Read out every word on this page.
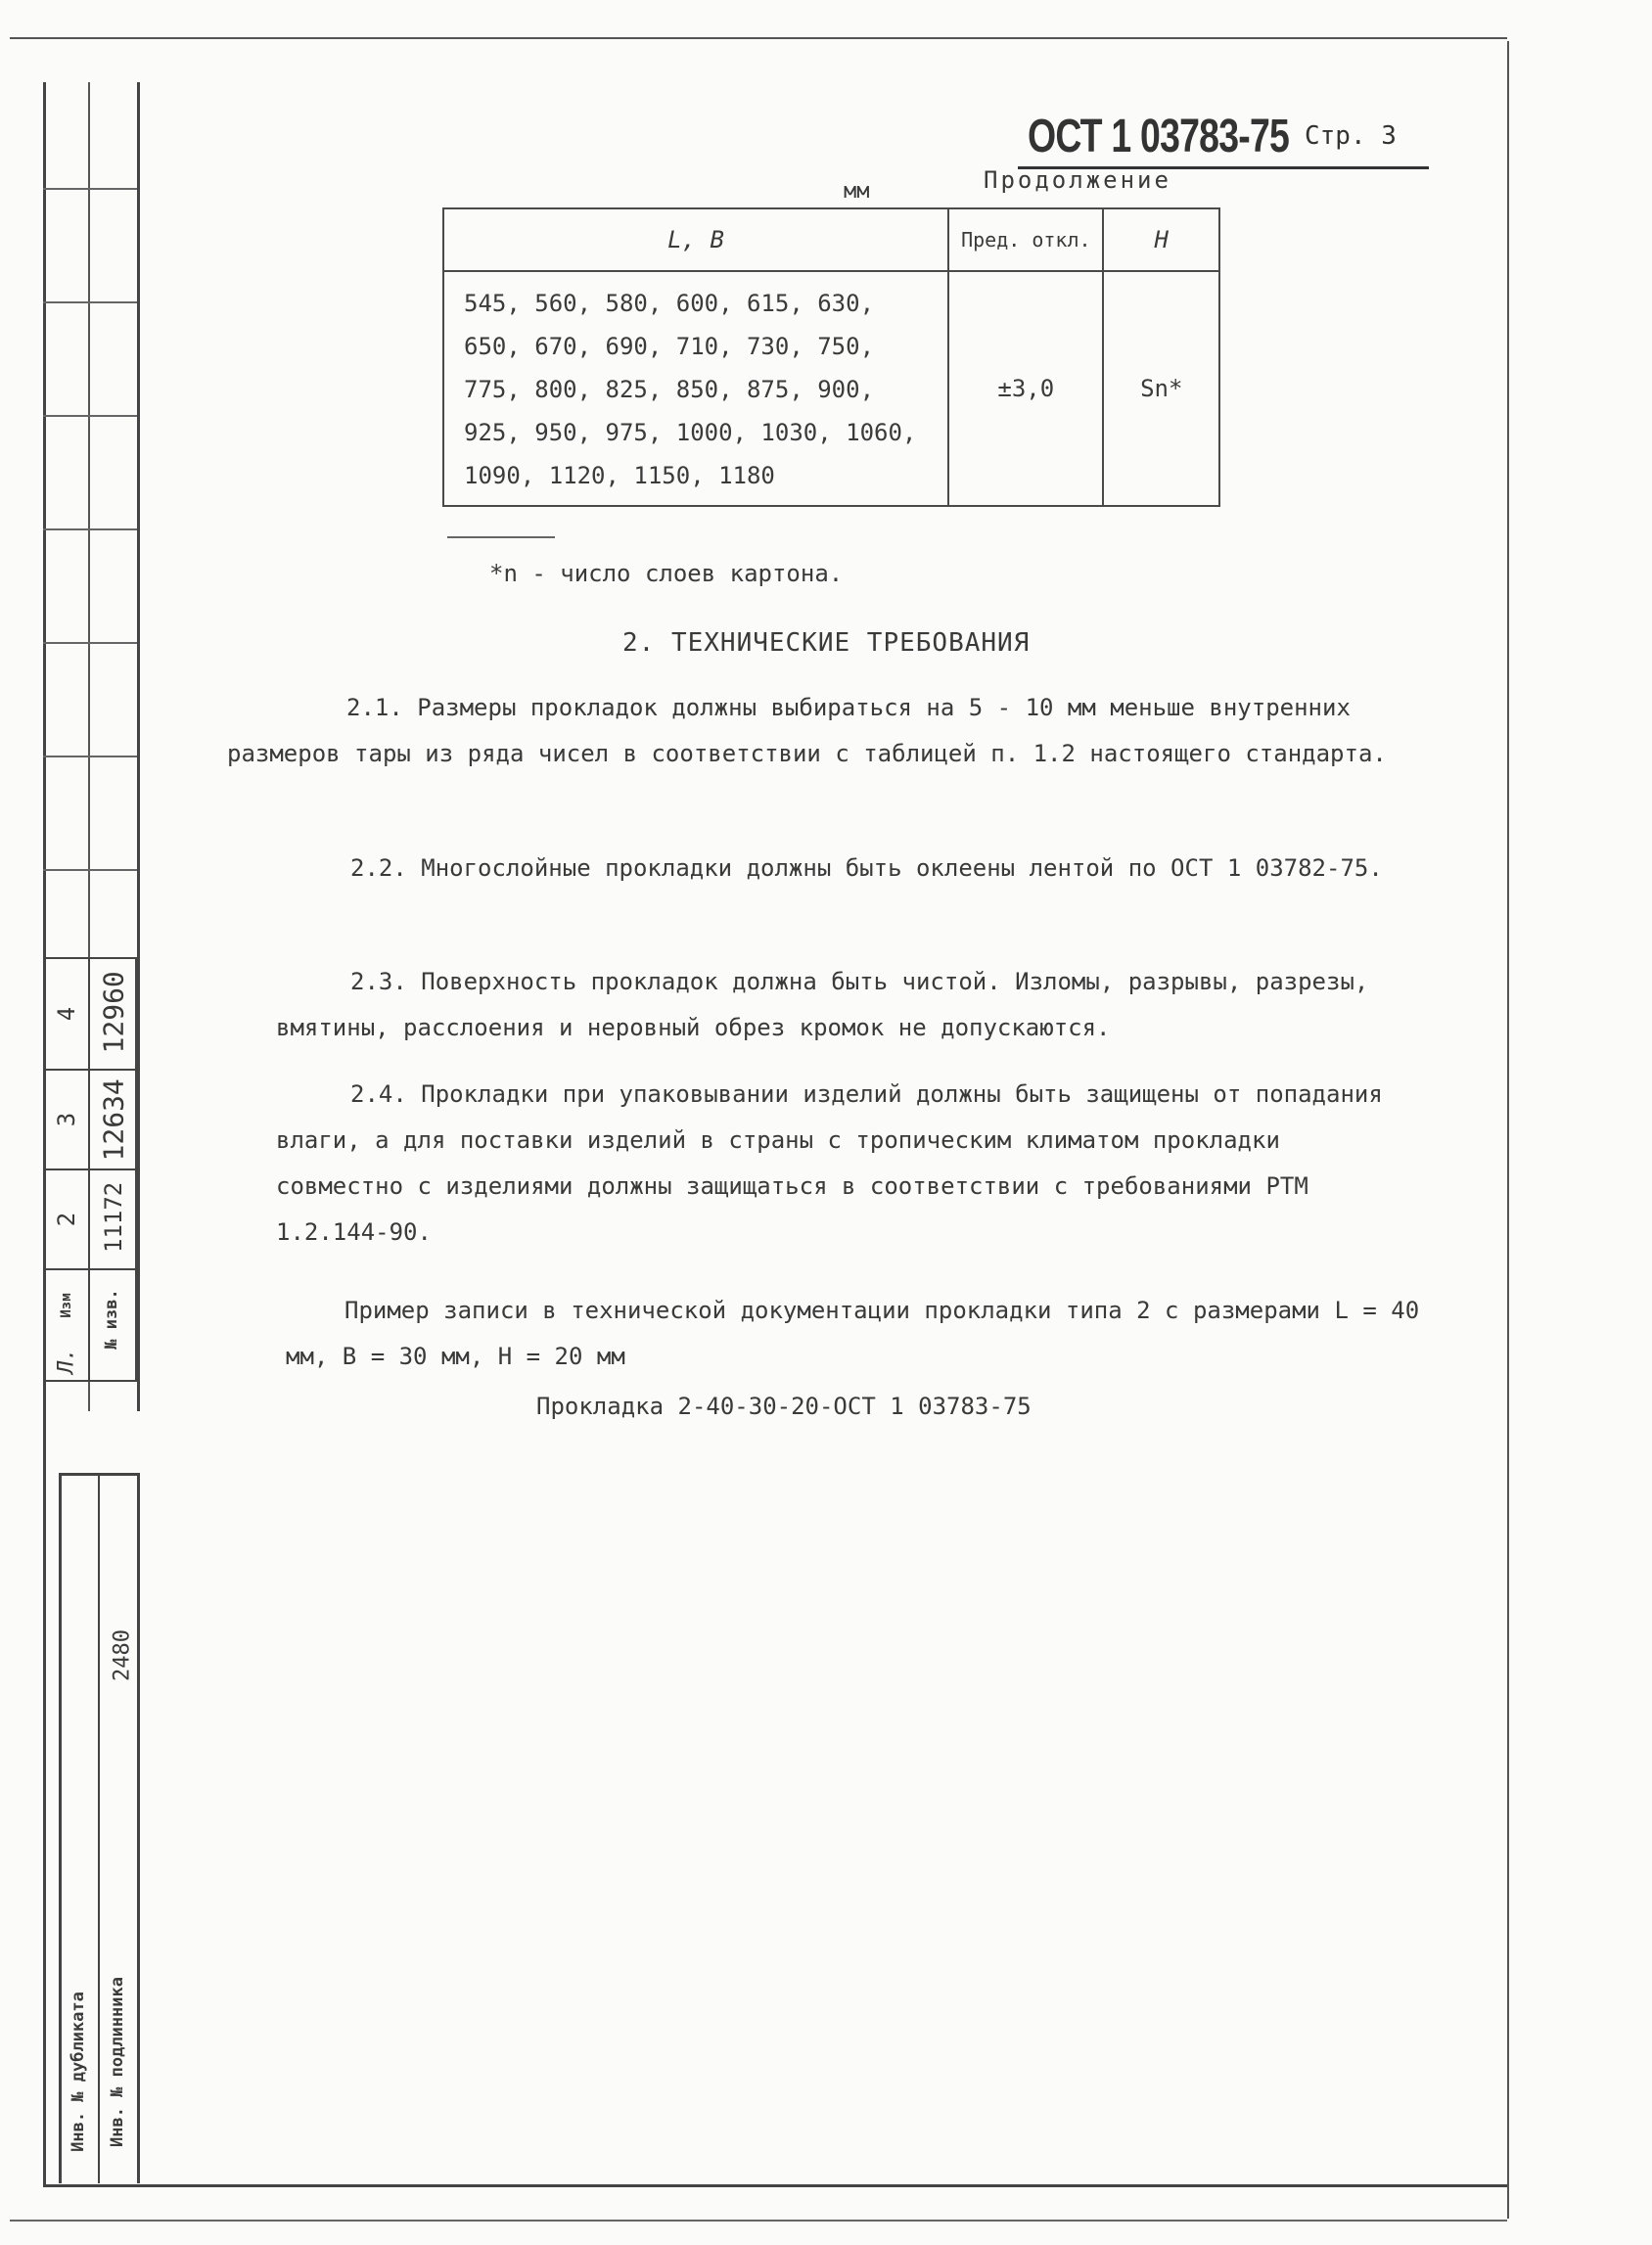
4 12960
3 12634
2 11172
Л.
Изм № изв.
Инв. № дубликата Инв. № подлинника
2480
ОСТ 1 03783-75 Стр. 3
мм	Продолжение
L, B	Пред. откл.	H

545, 560, 580, 600, 615, 630,
650, 670, 690, 710, 730, 750,
775, 800, 825, 850, 875, 900,
925, 950, 975, 1000, 1030, 1060,
1090, 1120, 1150, 1180	±3,0	Sn*
*n - число слоев картона.
2. ТЕХНИЧЕСКИЕ ТРЕБОВАНИЯ
2.1. Размеры прокладок должны выбираться на 5 - 10 мм меньше внутренних размеров тары из ряда чисел в соответствии с таблицей п. 1.2 настоящего стандарта.
2.2. Многослойные прокладки должны быть оклеены лентой по ОСТ 1 03782-75.
2.3. Поверхность прокладок должна быть чистой. Изломы, разрывы, разрезы, вмятины, расслоения и неровный обрез кромок не допускаются.
2.4. Прокладки при упаковывании изделий должны быть защищены от попадания влаги, а для поставки изделий в страны с тропическим климатом прокладки совместно с изделиями должны защищаться в соответствии с требованиями РТМ 1.2.144-90.
Пример записи в технической документации прокладки типа 2 с размерами L = 40 мм, B = 30 мм, H = 20 мм
Прокладка 2-40-30-20-ОСТ 1 03783-75
